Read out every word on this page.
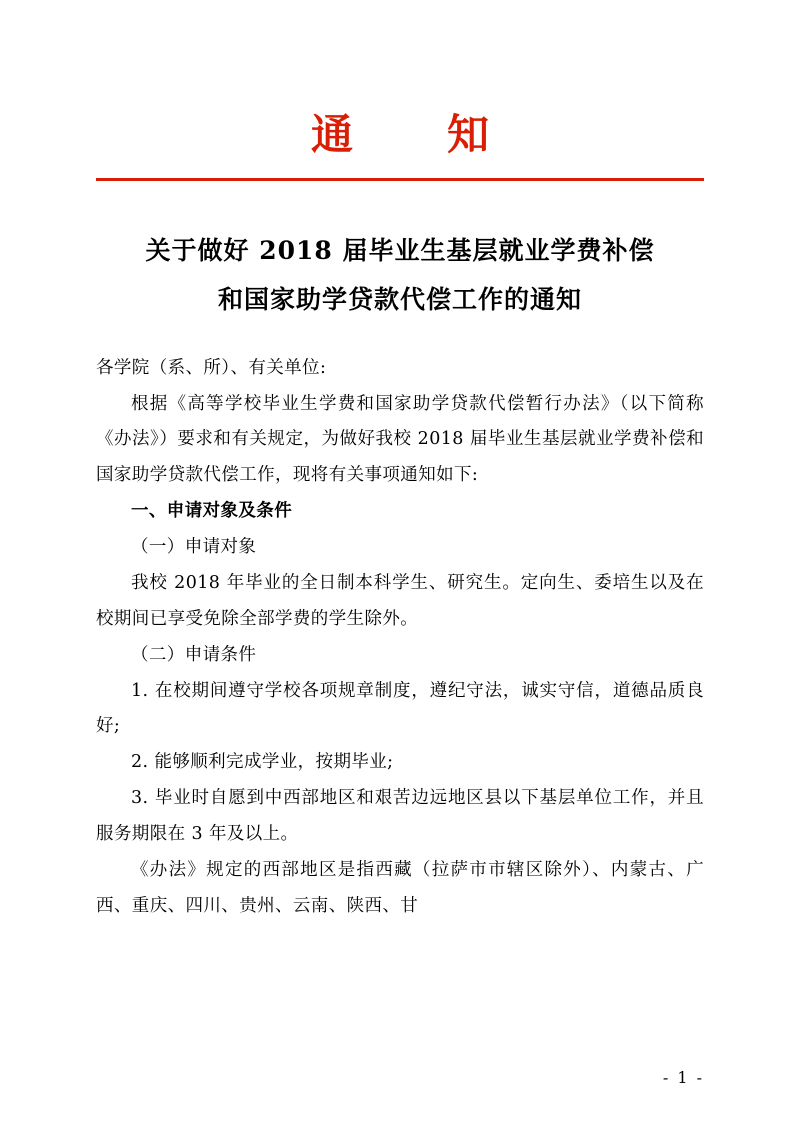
通　知
关于做好 2018 届毕业生基层就业学费补偿
和国家助学贷款代偿工作的通知

各学院（系、所）、有关单位:

根据《高等学校毕业生学费和国家助学贷款代偿暂行办法》（以下简称《办法》）要求和有关规定，为做好我校 2018 届毕业生基层就业学费补偿和国家助学贷款代偿工作，现将有关事项通知如下:

一、申请对象及条件

（一）申请对象

我校 2018 年毕业的全日制本科学生、研究生。定向生、委培生以及在校期间已享受免除全部学费的学生除外。

（二）申请条件

1. 在校期间遵守学校各项规章制度，遵纪守法，诚实守信，道德品质良好;

2. 能够顺利完成学业，按期毕业;

3. 毕业时自愿到中西部地区和艰苦边远地区县以下基层单位工作，并且服务期限在 3 年及以上。

《办法》规定的西部地区是指西藏（拉萨市市辖区除外）、内蒙古、广西、重庆、四川、贵州、云南、陕西、甘

- 1 -
